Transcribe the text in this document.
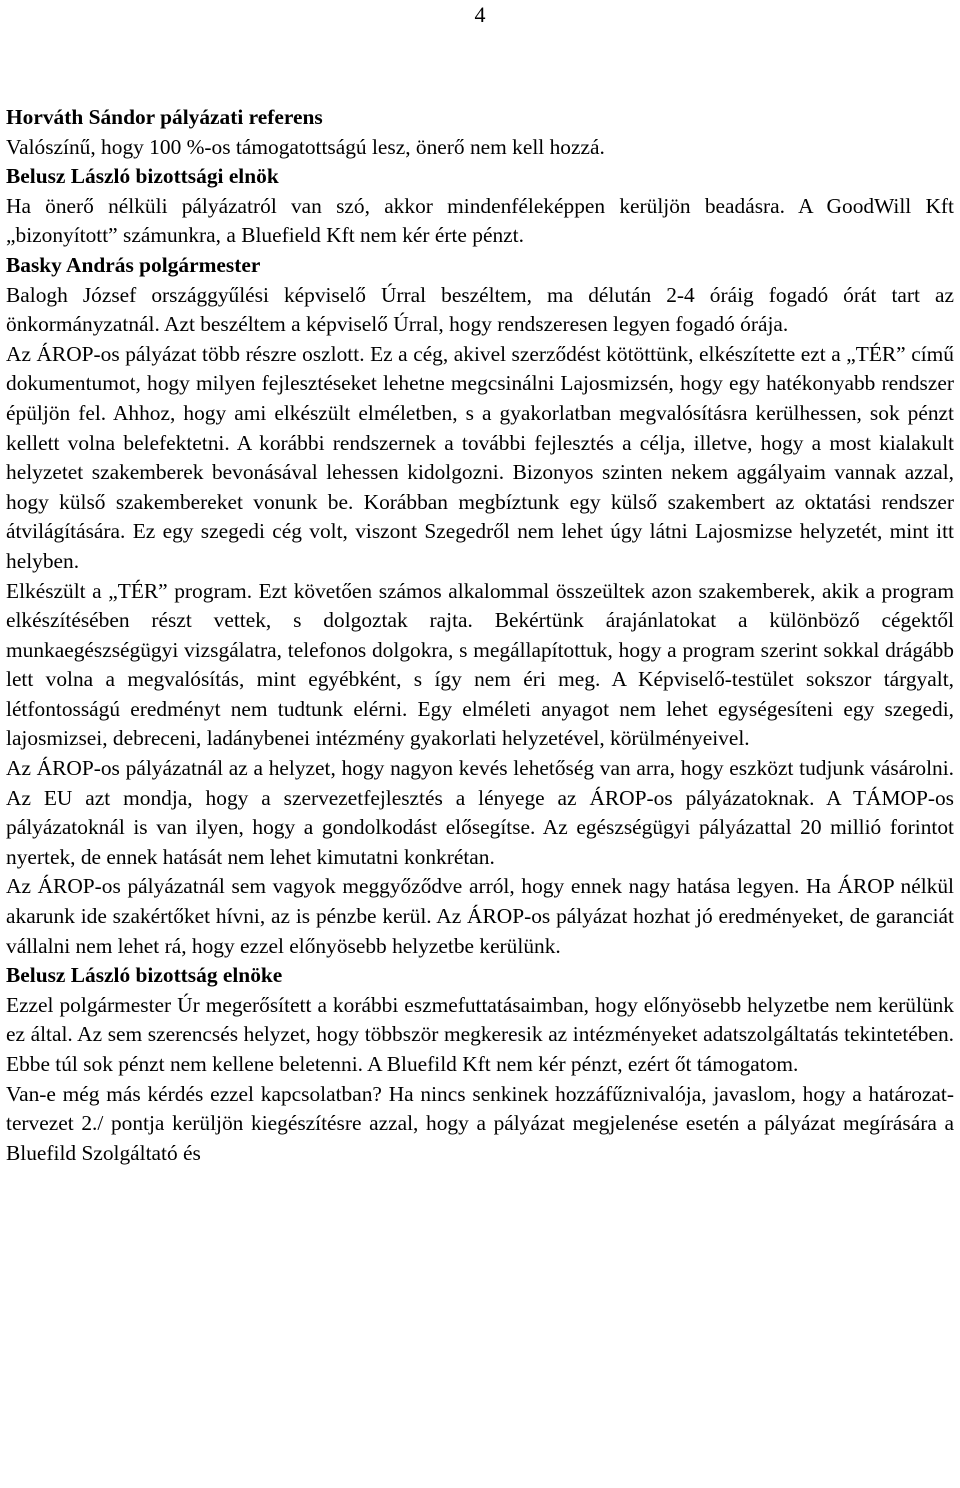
4
Horváth Sándor pályázati referens
Valószínű, hogy 100 %-os támogatottságú lesz, önerő nem kell hozzá.
Belusz László bizottsági elnök
Ha önerő nélküli pályázatról van szó, akkor mindenféleképpen kerüljön beadásra. A GoodWill Kft „bizonyított” számunkra, a Bluefield Kft nem kér érte pénzt.
Basky András polgármester
Balogh József országgyűlési képviselő Úrral beszéltem, ma délután 2-4 óráig fogadó órát tart az önkormányzatnál. Azt beszéltem a képviselő Úrral, hogy rendszeresen legyen fogadó órája.
Az ÁROP-os pályázat több részre oszlott. Ez a cég, akivel szerződést kötöttünk, elkészítette ezt a „TÉR” című dokumentumot, hogy milyen fejlesztéseket lehetne megcsinálni Lajosmizsén, hogy egy hatékonyabb rendszer épüljön fel. Ahhoz, hogy ami elkészült elméletben, s a gyakorlatban megvalósításra kerülhessen, sok pénzt kellett volna belefektetni. A korábbi rendszernek a további fejlesztés a célja, illetve, hogy a most kialakult helyzetet szakemberek bevonásával lehessen kidolgozni. Bizonyos szinten nekem aggályaim vannak azzal, hogy külső szakembereket vonunk be. Korábban megbíztunk egy külső szakembert az oktatási rendszer átvilágítására. Ez egy szegedi cég volt, viszont Szegedről nem lehet úgy látni Lajosmizse helyzetét, mint itt helyben.
Elkészült a „TÉR” program. Ezt követően számos alkalommal összeültek azon szakemberek, akik a program elkészítésében részt vettek, s dolgoztak rajta. Bekértünk árajánlatokat a különböző cégektől munkaegészségügyi vizsgálatra, telefonos dolgokra, s megállapítottuk, hogy a program szerint sokkal drágább lett volna a megvalósítás, mint egyébként, s így nem éri meg. A Képviselő-testület sokszor tárgyalt, létfontosságú eredményt nem tudtunk elérni. Egy elméleti anyagot nem lehet egységesíteni egy szegedi, lajosmizsei, debreceni, ladánybenei intézmény gyakorlati helyzetével, körülményeivel.
Az ÁROP-os pályázatnál az a helyzet, hogy nagyon kevés lehetőség van arra, hogy eszközt tudjunk vásárolni. Az EU azt mondja, hogy a szervezetfejlesztés a lényege az ÁROP-os pályázatoknak. A TÁMOP-os pályázatoknál is van ilyen, hogy a gondolkodást elősegítse. Az egészségügyi pályázattal 20 millió forintot nyertek, de ennek hatását nem lehet kimutatni konkrétan.
Az ÁROP-os pályázatnál sem vagyok meggyőződve arról, hogy ennek nagy hatása legyen. Ha ÁROP nélkül akarunk ide szakértőket hívni, az is pénzbe kerül. Az ÁROP-os pályázat hozhat jó eredményeket, de garanciát vállalni nem lehet rá, hogy ezzel előnyösebb helyzetbe kerülünk.
Belusz László bizottság elnöke
Ezzel polgármester Úr megerősített a korábbi eszmefuttatásaimban, hogy előnyösebb helyzetbe nem kerülünk ez által. Az sem szerencsés helyzet, hogy többször megkeresik az intézményeket adatszolgáltatás tekintetében. Ebbe túl sok pénzt nem kellene beletenni. A Bluefild Kft nem kér pénzt, ezért őt támogatom.
Van-e még más kérdés ezzel kapcsolatban? Ha nincs senkinek hozzáfűznivalója, javaslom, hogy a határozat-tervezet 2./ pontja kerüljön kiegészítésre azzal, hogy a pályázat megjelenése esetén a pályázat megírására a Bluefild Szolgáltató és
